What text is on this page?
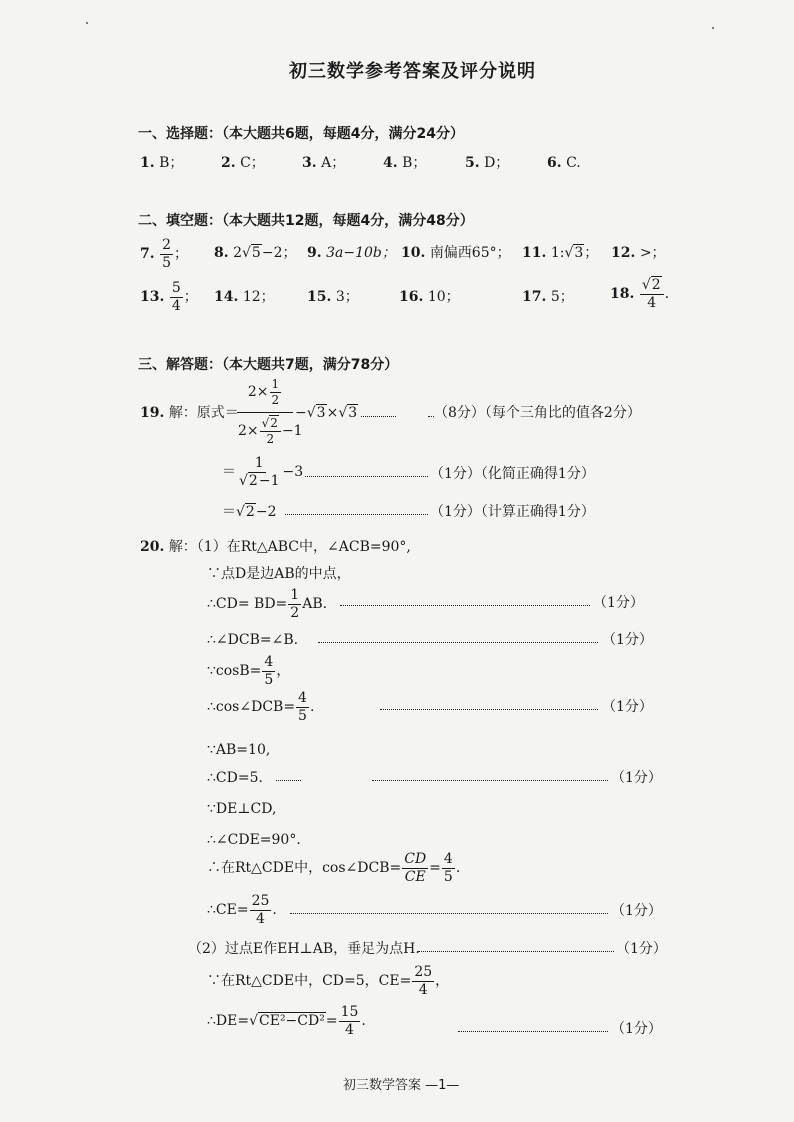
初三数学参考答案及评分说明
一、选择题：（本大题共6题，每题4分，满分24分）
1. B；	2. C；	3. A；	4. B；	5. D；	6. C.
二、填空题：（本大题共12题，每题4分，满分48分）
7. $\frac{2}{5}$ ； 8. 2√5−2； 9. 3a−10b； 10. 南偏西65°； 11. 1:√3； 12. >；
13. $\frac{5}{4}$ ； 14. 12； 15. 3；	16. 10；	17. 5；	18. $\frac{√2}{4}$ .
三、解答题：（本大题共7题，满分78分）
19. 解：原式＝
$2\times \frac{1}{2}$
$2\times \frac{√2}{2} -1$
−√3×√3	（8分）（每个三角比的值各2分）
＝ $\frac{1}{√2-1} -3$	（1分）（化简正确得1分）
＝√2−2	（1分）（计算正确得1分）
20. 解：（1）在Rt△ABC中，∠ACB=90°,
∵点D是边AB的中点，
∴CD= $BD= \frac{1}{2}$ AB.	（1分）
∴∠DCB=∠B.	（1分）
∵cosB= $\frac{4}{5}$ ，
∴cos∠DCB= $\frac{4}{5}$ .	（1分）
∵AB=10,
∴CD=5.	（1分）
∵DE⊥CD,
∴∠CDE=90°.
∴在Rt△CDE中，cos∠DCB= $\frac{CD}{CE} = \frac{4}{5}$ .
∴CE= $\frac{25}{4}$ .	（1分）
（2）过点E作EH⊥AB，垂足为点H.	（1分）
∵在Rt△CDE中，CD=5，$CE= \frac{25}{4}$ ，
∴DE=√CE²−CD²= $\frac{15}{4}$ .	（1分）
初三数学答案 —1—
